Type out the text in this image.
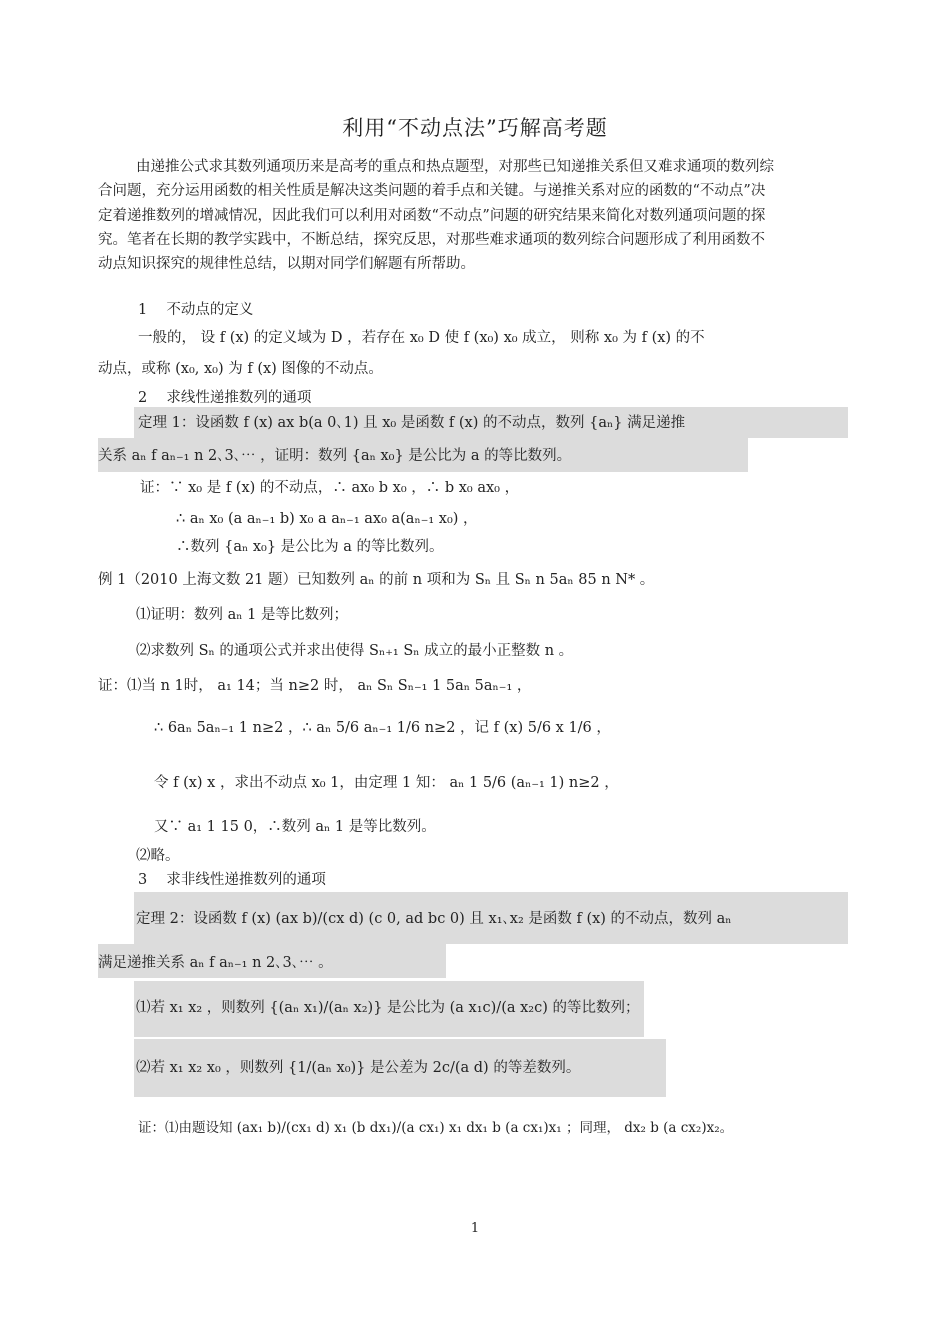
利用“不动点法”巧解高考题
由递推公式求其数列通项历来是高考的重点和热点题型，对那些已知递推关系但又难求通项的数列综合问题，充分运用函数的相关性质是解决这类问题的着手点和关键。与递推关系对应的函数的“不动点”决定着递推数列的增减情况，因此我们可以利用对函数“不动点”问题的研究结果来简化对数列通项问题的探究。笔者在长期的教学实践中，不断总结，探究反思，对那些难求通项的数列综合问题形成了利用函数不动点知识探究的规律性总结，以期对同学们解题有所帮助。
1　 不动点的定义
一般的， 设 f (x) 的定义域为 D ，若存在 x₀ D 使 f (x₀) x₀ 成立， 则称 x₀ 为 f (x) 的不
动点，或称 (x₀, x₀) 为 f (x) 图像的不动点。
2　 求线性递推数列的通项
定理 1：设函数 f (x) ax b(a 0､1) 且 x₀ 是函数 f (x) 的不动点，数列 {aₙ} 满足递推
关系 aₙ f aₙ₋₁ n 2､3､⋯ ，证明：数列 {aₙ x₀} 是公比为 a 的等比数列。
证：∵ x₀ 是 f (x) 的不动点，∴ ax₀ b x₀ ，∴ b x₀ ax₀ ，
∴ aₙ x₀ (a aₙ₋₁ b) x₀ a aₙ₋₁ ax₀ a(aₙ₋₁ x₀) ，
∴数列 {aₙ x₀} 是公比为 a 的等比数列。
例 1（2010 上海文数 21 题）已知数列 aₙ 的前 n 项和为 Sₙ 且 Sₙ n 5aₙ 85 n N* 。
⑴证明：数列 aₙ 1 是等比数列；
⑵求数列 Sₙ 的通项公式并求出使得 Sₙ₊₁ Sₙ 成立的最小正整数 n 。
证：⑴当 n 1时， a₁ 14；当 n≥2 时， aₙ Sₙ Sₙ₋₁ 1 5aₙ 5aₙ₋₁ ，
∴ 6aₙ 5aₙ₋₁ 1 n≥2 ，∴ aₙ 5/6 aₙ₋₁ 1/6 n≥2 ，记 f (x) 5/6 x 1/6 ，
令 f (x) x ，求出不动点 x₀ 1，由定理 1 知： aₙ 1 5/6 (aₙ₋₁ 1) n≥2 ，
又∵ a₁ 1 15 0，∴数列 aₙ 1 是等比数列。
⑵略。
3　 求非线性递推数列的通项
定理 2：设函数 f (x) (ax b)/(cx d) (c 0, ad bc 0) 且 x₁､x₂ 是函数 f (x) 的不动点，数列 aₙ
满足递推关系 aₙ f aₙ₋₁ n 2､3､⋯ 。
⑴若 x₁ x₂ ，则数列 {(aₙ x₁)/(aₙ x₂)} 是公比为 (a x₁c)/(a x₂c) 的等比数列；
⑵若 x₁ x₂ x₀ ，则数列 {1/(aₙ x₀)} 是公差为 2c/(a d) 的等差数列。
证：⑴由题设知 (ax₁ b)/(cx₁ d) x₁ (b dx₁)/(a cx₁) x₁ dx₁ b (a cx₁)x₁ ；同理， dx₂ b (a cx₂)x₂。
1
